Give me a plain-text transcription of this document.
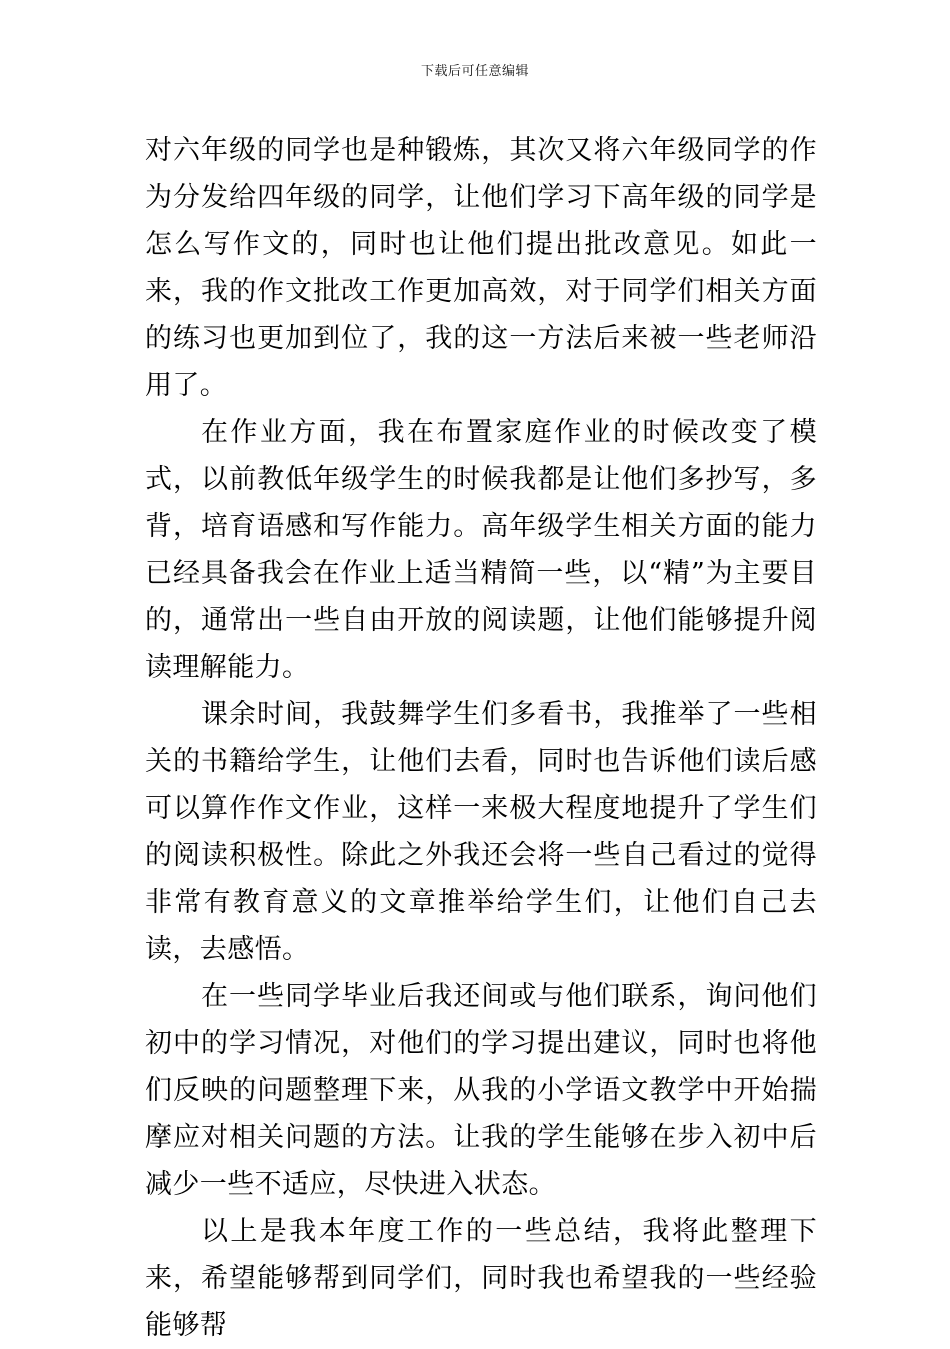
下载后可任意编辑

对六年级的同学也是种锻炼，其次又将六年级同学的作为分发给四年级的同学，让他们学习下高年级的同学是怎么写作文的，同时也让他们提出批改意见。如此一来，我的作文批改工作更加高效，对于同学们相关方面的练习也更加到位了，我的这一方法后来被一些老师沿用了。

在作业方面，我在布置家庭作业的时候改变了模式，以前教低年级学生的时候我都是让他们多抄写，多背，培育语感和写作能力。高年级学生相关方面的能力已经具备我会在作业上适当精简一些，以“精”为主要目的，通常出一些自由开放的阅读题，让他们能够提升阅读理解能力。

课余时间，我鼓舞学生们多看书，我推举了一些相关的书籍给学生，让他们去看，同时也告诉他们读后感可以算作作文作业，这样一来极大程度地提升了学生们的阅读积极性。除此之外我还会将一些自己看过的觉得非常有教育意义的文章推举给学生们，让他们自己去读，去感悟。

在一些同学毕业后我还间或与他们联系，询问他们初中的学习情况，对他们的学习提出建议，同时也将他们反映的问题整理下来，从我的小学语文教学中开始揣摩应对相关问题的方法。让我的学生能够在步入初中后减少一些不适应，尽快进入状态。

以上是我本年度工作的一些总结，我将此整理下来，希望能够帮到同学们，同时我也希望我的一些经验能够帮
